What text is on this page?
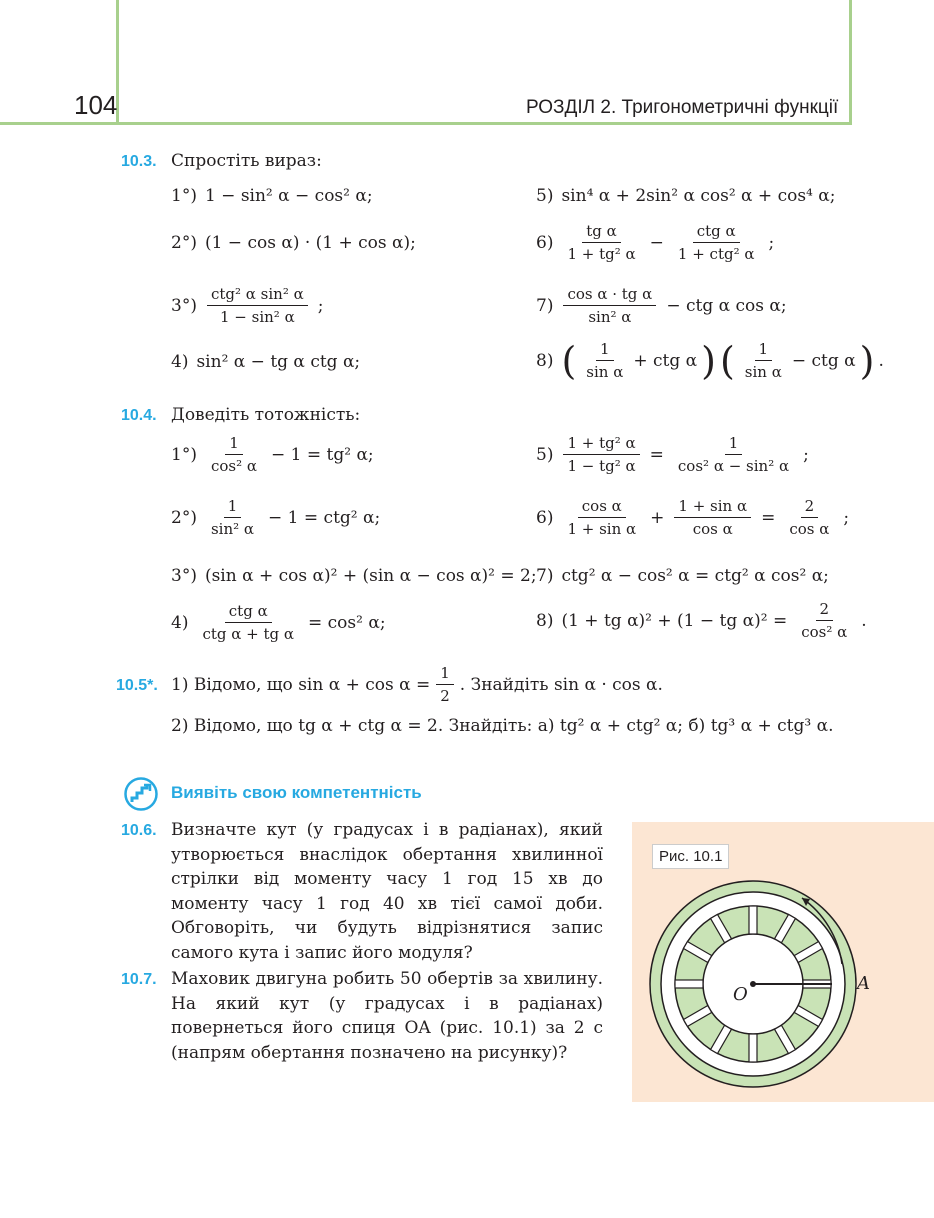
104	РОЗДІЛ 2. Тригонометричні функції
10.3. Спростіть вираз:
1°) 1 − sin² α − cos² α;
2°) (1 − cos α) · (1 + cos α);
3°)
ctg² α sin² α
1 − sin² α
;
4) sin² α − tg α ctg α;
5) sin⁴ α + 2sin² α cos² α + cos⁴ α;
$6) \frac{\text{tg α}}{\text{1 + tg² α}}$ −
ctg α
1 + ctg² α
;
$7) \frac{\text{cos α · tg α}}{\text{sin² α}}$ − ctg α cos α;
8) ( $\frac{1}{\text{sin α}}$ + ctg α ) ( $\frac{1}{\text{sin α}}$ − ctg α ) .
10.4. Доведіть тотожність:
$1^\circ) \frac{1}{\text{cos² α}} - 1 = tg^2$ α;
$2^\circ) \frac{1}{\text{sin² α}} - 1 = ctg^2$ α;
3°) (sin α + cos α)² + (sin α − cos α)² = 2;
4)
ctg α
ctg α + tg α
= cos² α;
$5) \frac{\text{1 + tg² α}}{\text{1 − tg² α}} = \frac{1}{\text{cos² α − sin² α}}$ ;
$6) \frac{\text{cos α}}{\text{1 + sin α}} + \frac{\text{1 + sin α}}{\text{cos α}} = \frac{2}{\text{cos α}}$ ;
7) ctg² α − cos² α = ctg² α cos² α;
8) (1 + tg α)² + (1 − tg $\alpha)^2 = \frac{2}{\text{cos² α}}$ .
10.5*. 1) Відомо, що $\sin \alpha + \cos \alpha = \frac{1}{2}$ . Знайдіть sin α · cos α.
2) Відомо, що tg α + ctg α = 2. Знайдіть: а) tg² α + ctg² α; б) tg³ α + ctg³ α.
Виявіть свою компетентність
10.6. Визначте кут (у градусах і в радіанах), який утворюється внаслідок обертання хвилинної стрілки від моменту часу 1 год 15 хв до моменту часу 1 год 40 хв тієї самої доби. Обговоріть, чи будуть відрізнятися запис самого кута і запис його модуля?
10.7. Маховик двигуна робить 50 обертів за хвилину. На який кут (у градусах і в радіанах) повернеться його спиця OA (рис. 10.1) за 2 с (напрям обертання позначено на рисунку)?
Рис. 10.1
O
A
